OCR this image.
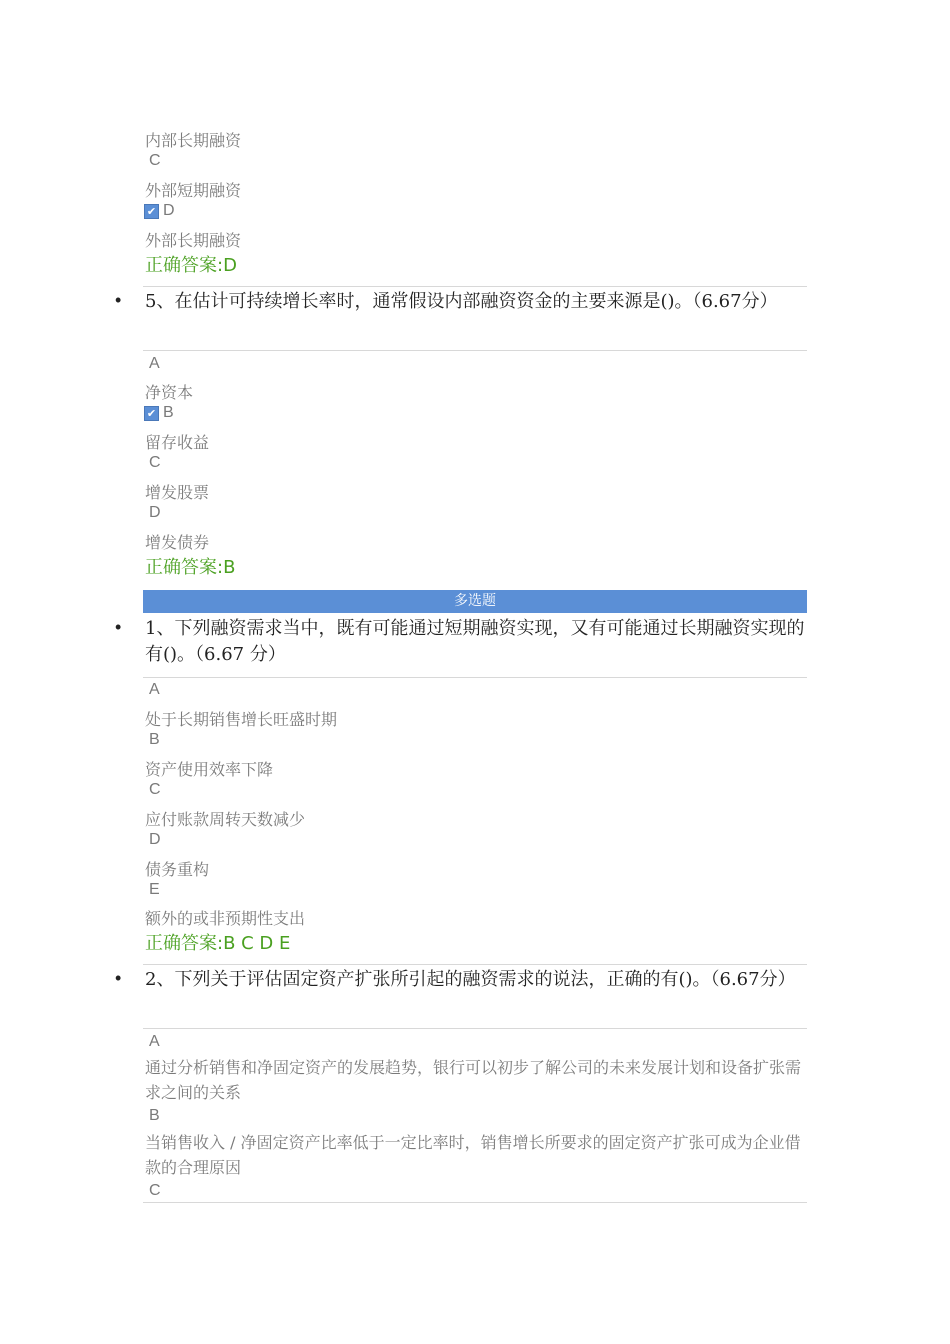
内部长期融资
C
外部短期融资
✔ D
外部长期融资
正确答案:D
• 5、在估计可持续增长率时，通常假设内部融资资金的主要来源是()。（6.67分）
A
净资本
✔ B
留存收益
C
增发股票
D
增发债券
正确答案:B
多选题
• 1、下列融资需求当中，既有可能通过短期融资实现，又有可能通过长期融资实现的有()。（6.67 分）
A
处于长期销售增长旺盛时期
B
资产使用效率下降
C
应付账款周转天数减少
D
债务重构
E
额外的或非预期性支出
正确答案:B C D E
• 2、下列关于评估固定资产扩张所引起的融资需求的说法，正确的有()。（6.67分）
A
通过分析销售和净固定资产的发展趋势，银行可以初步了解公司的未来发展计划和设备扩张需求之间的关系
B
当销售收入 / 净固定资产比率低于一定比率时，销售增长所要求的固定资产扩张可成为企业借款的合理原因
C
